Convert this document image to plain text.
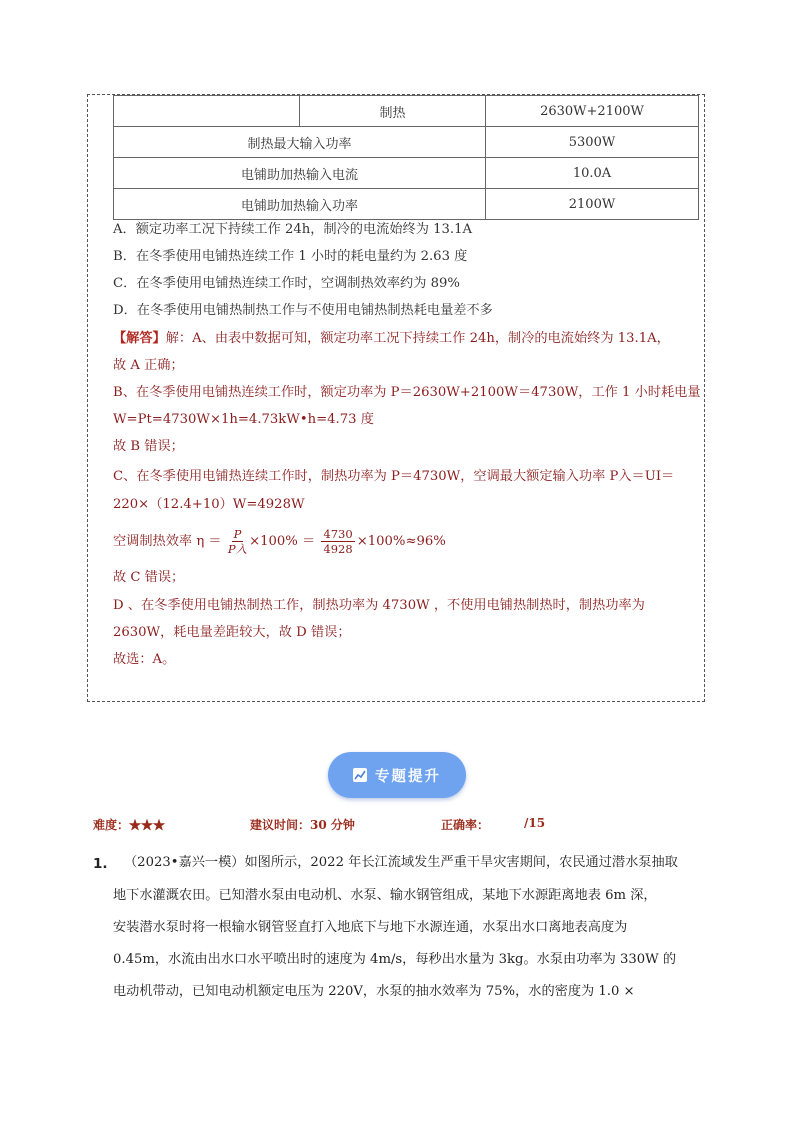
	制热	2630W+2100W
制热最大输入功率		5300W
电铺助加热输入电流		10.0A
电铺助加热输入功率		2100W
A．额定功率工况下持续工作 24h，制冷的电流始终为 13.1A
B．在冬季使用电铺热连续工作 1 小时的耗电量约为 2.63 度
C．在冬季使用电铺热连续工作时，空调制热效率约为 89%
D．在冬季使用电铺热制热工作与不使用电铺热制热耗电量差不多
【解答】解：A、由表中数据可知，额定功率工况下持续工作 24h，制冷的电流始终为 13.1A，
故 A 正确；
B、在冬季使用电铺热连续工作时，额定功率为 P＝2630W+2100W＝4730W，工作 1 小时耗电量
W=Pt=4730W×1h=4.73kW•h=4.73 度
故 B 错误；
C、在冬季使用电铺热连续工作时，制热功率为 P＝4730W，空调最大额定输入功率 P入＝UI＝
220×（12.4+10）W=4928W
空调制热效率 $\eta = \frac{P}{\text{P入}} \times 100\% = \frac{4730}{4928} \times 100\%\approx 96\%$
故 C 错误；
D 、在冬季使用电铺热制热工作，制热功率为 4730W ，不使用电铺热制热时，制热功率为
2630W，耗电量差距较大，故 D 错误；
故选：A。
专题提升
难度：★★★	建议时间：30 分钟	正确率：	/15
1. （2023•嘉兴一模）如图所示，2022 年长江流域发生严重干旱灾害期间，农民通过潜水泵抽取
地下水灌溉农田。已知潜水泵由电动机、水泵、输水钢管组成，某地下水源距离地表 6m 深，
安装潜水泵时将一根输水钢管竖直打入地底下与地下水源连通，水泵出水口离地表高度为
0.45m，水流由出水口水平喷出时的速度为 4m/s，每秒出水量为 3kg。水泵由功率为 330W 的
电动机带动，已知电动机额定电压为 220V，水泵的抽水效率为 75%，水的密度为 1.0 ×
